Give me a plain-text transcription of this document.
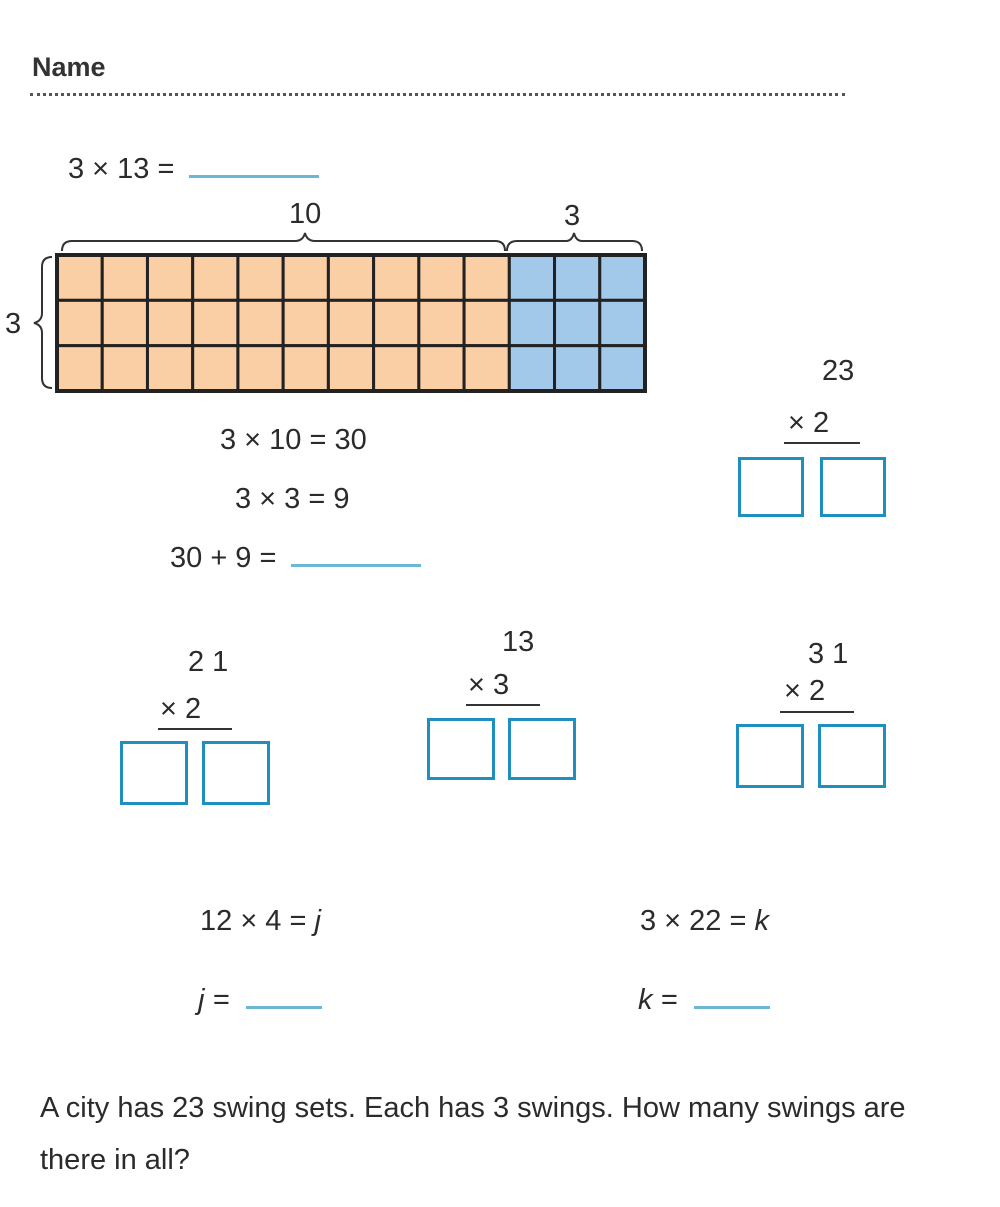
Name
3 × 13 =
10	3
3
3 × 10 = 30
3 × 3 = 9
30 + 9 =
23
× 2
2 1
× 2
13
× 3
3 1
× 2
12 × 4 = j	3 × 22 = k
j =	k =
A city has 23 swing sets. Each has 3 swings. How many swings are there in all?
